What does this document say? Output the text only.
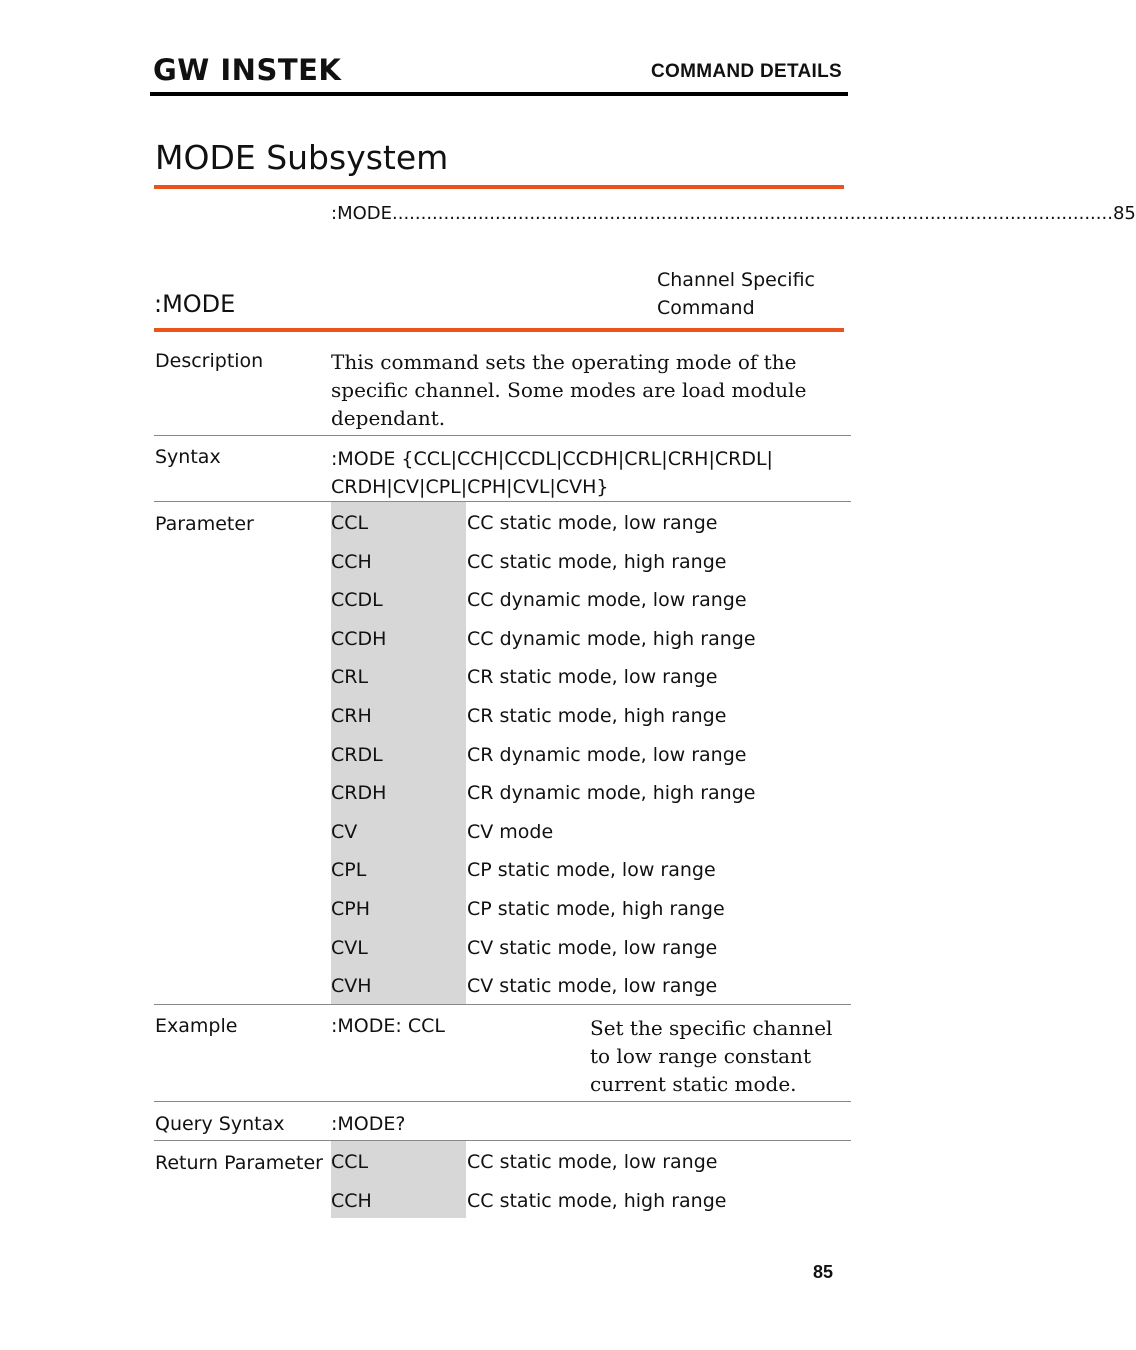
GW INSTEK	COMMAND DETAILS
MODE Subsystem
:MODE .............................................................................................................................. 85
:MODE
Channel Specific
Command
Description	This command sets the operating mode of the
specific channel. Some modes are load module
dependant.
Syntax	:MODE {CCL|CCH|CCDL|CCDH|CRL|CRH|CRDL|
CRDH|CV|CPL|CPH|CVL|CVH}
Parameter	CCL	CC static mode, low range
CCH	CC static mode, high range
CCDL	CC dynamic mode, low range
CCDH	CC dynamic mode, high range
CRL	CR static mode, low range
CRH	CR static mode, high range
CRDL	CR dynamic mode, low range
CRDH	CR dynamic mode, high range
CV	CV mode
CPL	CP static mode, low range
CPH	CP static mode, high range
CVL	CV static mode, low range
CVH	CV static mode, low range
Example	:MODE: CCL	Set the specific channel
to low range constant
current static mode.
Query Syntax :MODE?
Return Parameter CCL	CC static mode, low range
CCH	CC static mode, high range
85
